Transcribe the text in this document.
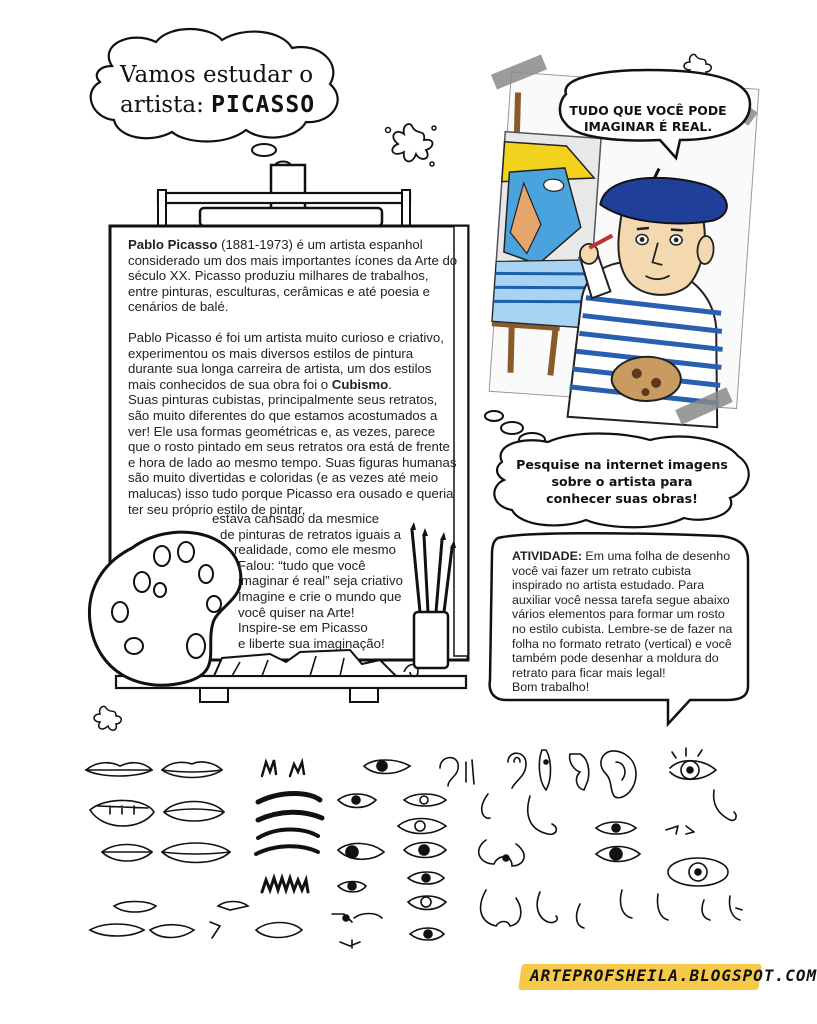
Vamos estudar o
artista: PICASSO

Pablo Picasso (1881-1973) é um artista espanhol considerado um dos mais importantes ícones da Arte do século XX. Picasso produziu milhares de trabalhos, entre pinturas, esculturas, cerâmicas e até poesia e cenários de balé.

Pablo Picasso é foi um artista muito curioso e criativo, experimentou os mais diversos estilos de pintura durante sua longa carreira de artista, um dos estilos mais conhecidos de sua obra foi o Cubismo.

Suas pinturas cubistas, principalmente seus retratos, são muito diferentes do que estamos acostumados a ver! Ele usa formas geométricas e, as vezes, parece que o rosto pintado em seus retratos ora está de frente e hora de lado ao mesmo tempo. Suas figuras humanas são muito divertidas e coloridas (e as vezes até meio malucas) isso tudo porque Picasso era ousado e queria ter seu próprio estilo de pintar,

estava cansado da mesmice
de pinturas de retratos iguais a
realidade, como ele mesmo
Falou: “tudo que você
imaginar é real” seja criativo
Imagine e crie o mundo que
você quiser na Arte!
Inspire-se em Picasso
e liberte sua imaginação!
TUDO QUE VOCÊ PODE
IMAGINAR É REAL.
Pesquise na internet imagens
sobre o artista para
conhecer suas obras!
ATIVIDADE: Em uma folha de desenho você vai fazer um retrato cubista inspirado no artista estudado. Para auxiliar você nessa tarefa segue abaixo vários elementos para formar um rosto no estilo cubista. Lembre-se de fazer na folha no formato retrato (vertical) e você também pode desenhar a moldura do retrato para ficar mais legal!
Bom trabalho!
ARTEPROFSHEILA.BLOGSPOT.COM
